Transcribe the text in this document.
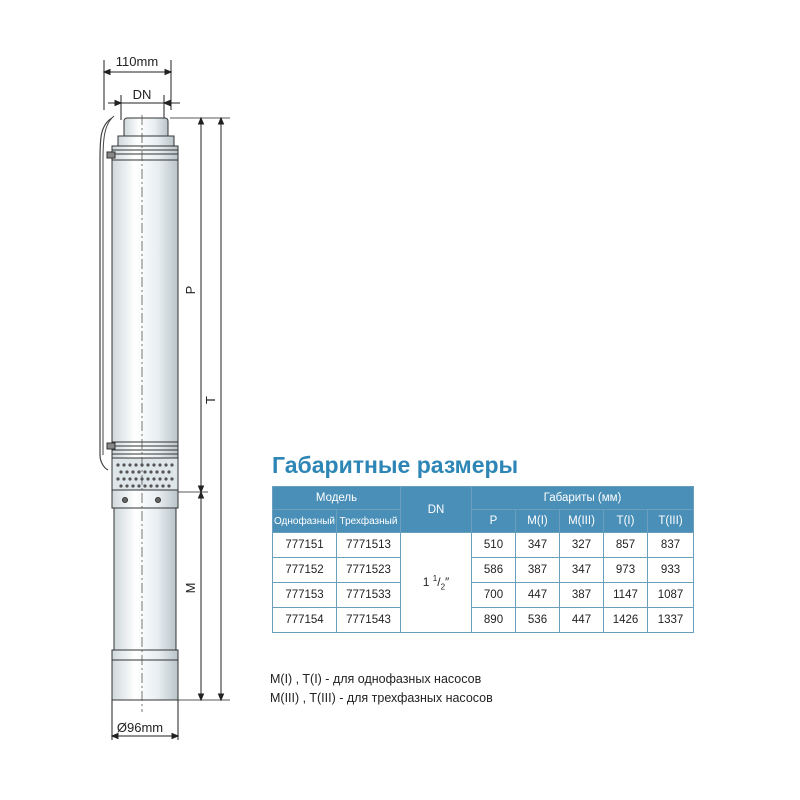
110mm
DN
P
T
M
Ø96mm
Габаритные размеры
Модель		DN	Габариты (мм)				
Однофазный	Трехфазный		P	M(I)	M(III)	T(I)	T(III)
777151	7771513	1 $^1/_2''$	510	347	327	857	837
777152	7771523		586	387	347	973	933
777153	7771533		700	447	387	1147	1087
777154	7771543		890	536	447	1426	1337
M(I) , T(I) - для однофазных насосов
M(III) , T(III) - для трехфазных насосов
